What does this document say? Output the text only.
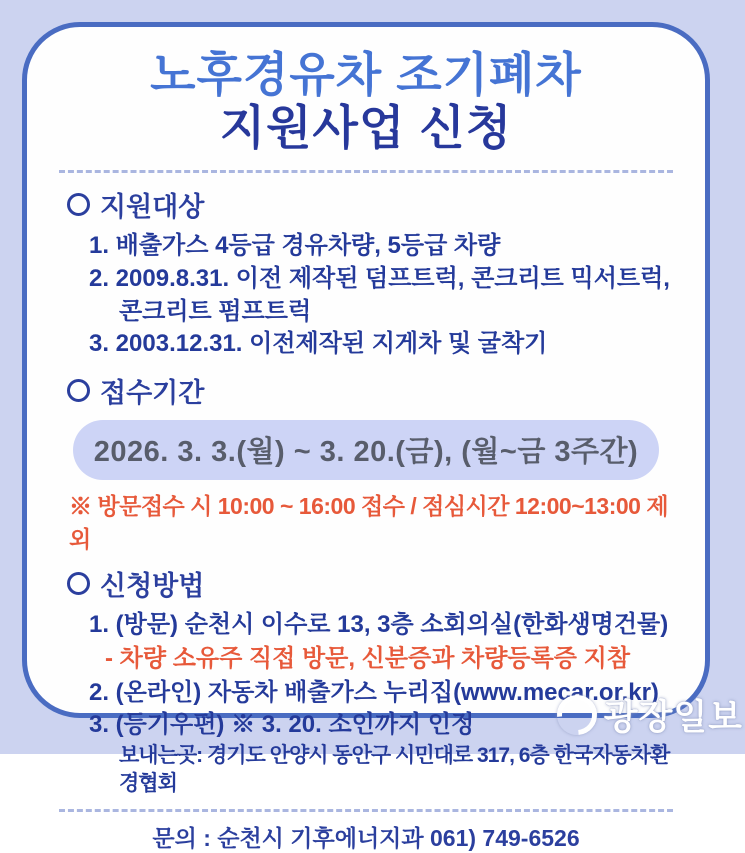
노후경유차 조기폐차
지원사업 신청
지원대상
1. 배출가스 4등급 경유차량, 5등급 차량
2. 2009.8.31. 이전 제작된 덤프트럭, 콘크리트 믹서트럭, 콘크리트 펌프트럭
3. 2003.12.31. 이전제작된 지게차 및 굴착기
접수기간
2026. 3. 3.(월) ~ 3. 20.(금), (월~금 3주간)
※ 방문접수 시 10:00 ~ 16:00 접수 / 점심시간 12:00~13:00 제외
신청방법
1. (방문) 순천시 이수로 13, 3층 소회의실(한화생명건물)
- 차량 소유주 직접 방문, 신분증과 차량등록증 지참
2. (온라인) 자동차 배출가스 누리집(www.mecar.or.kr)
3. (등기우편) ※ 3. 20. 소인까지 인정
보내는곳: 경기도 안양시 동안구 시민대로 317, 6층 한국자동차환경협회
문의 : 순천시 기후에너지과 061) 749-6526
광장일보
